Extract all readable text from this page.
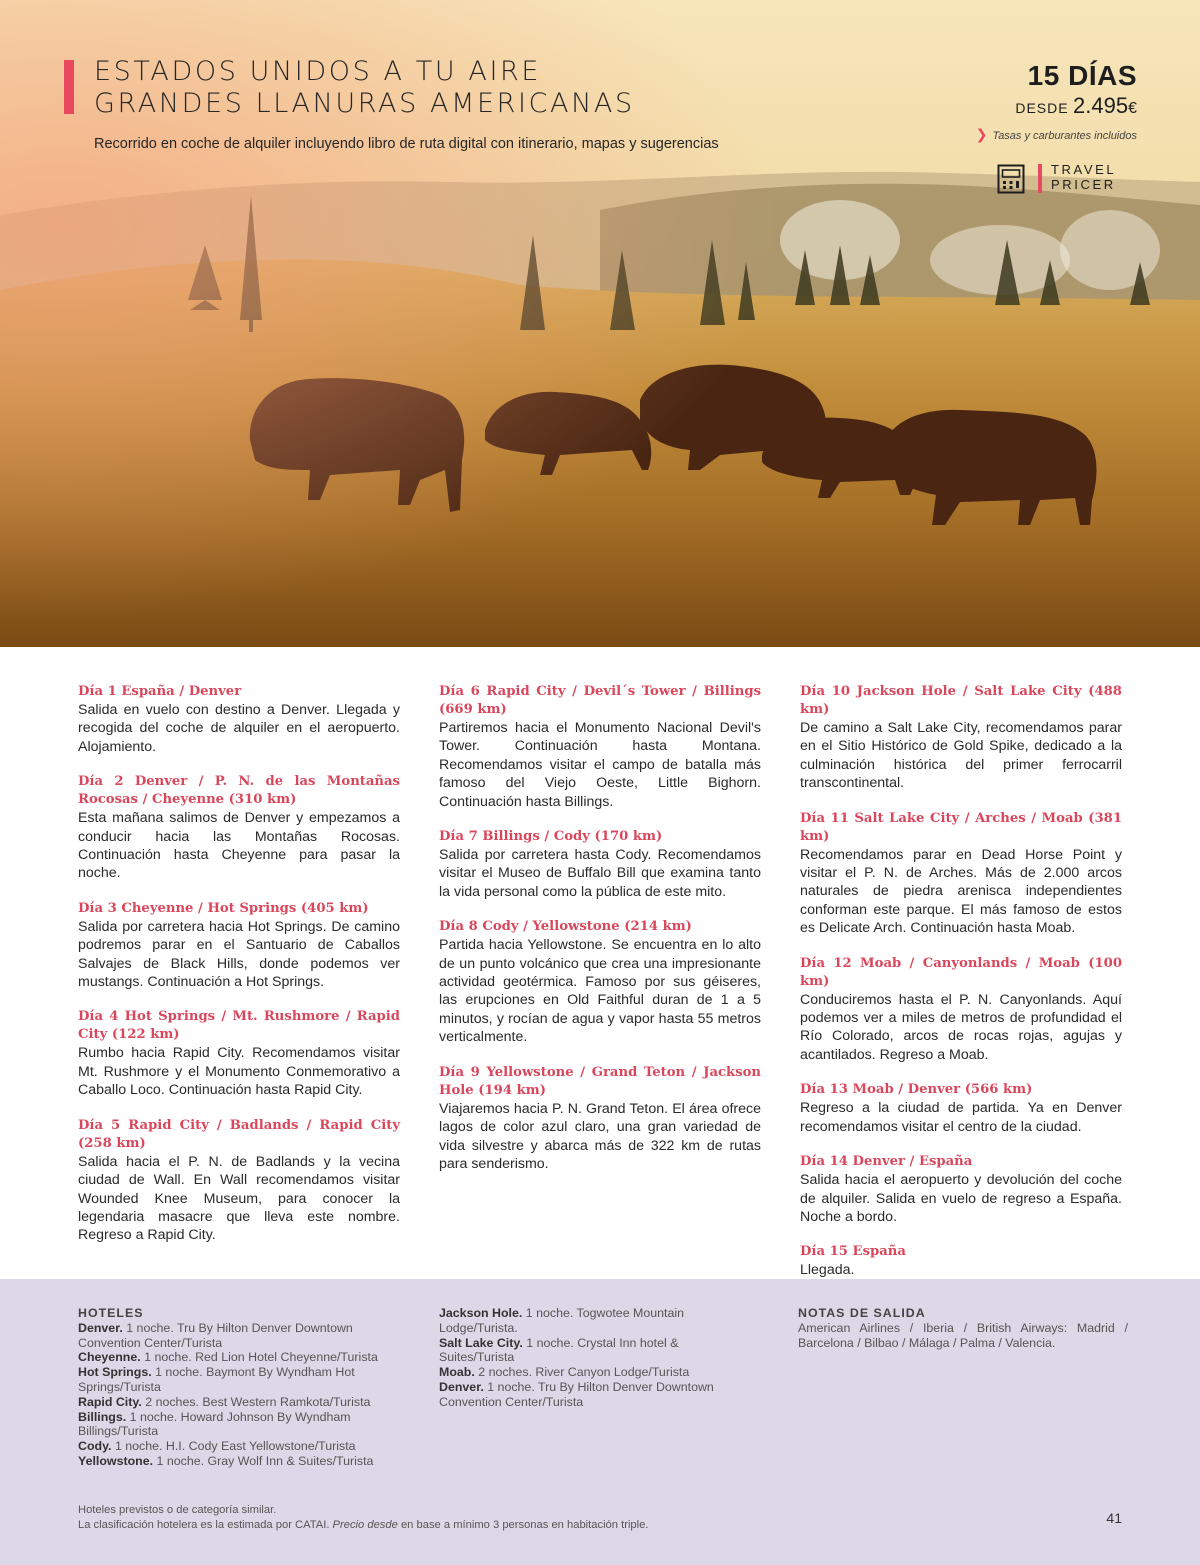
ESTADOS UNIDOS A TU AIRE
GRANDES LLANURAS AMERICANAS
Recorrido en coche de alquiler incluyendo libro de ruta digital con itinerario, mapas y sugerencias
15 DÍAS
DESDE 2.495€
❯ Tasas y carburantes incluidos
TRAVEL
PRICER
Día 1 España / Denver
Salida en vuelo con destino a Denver. Llegada y recogida del coche de alquiler en el aeropuerto. Alojamiento.
Día 2 Denver / P. N. de las Montañas Rocosas / Cheyenne (310 km)
Esta mañana salimos de Denver y empezamos a conducir hacia las Montañas Rocosas. Continuación hasta Cheyenne para pasar la noche.
Día 3 Cheyenne / Hot Springs (405 km)
Salida por carretera hacia Hot Springs. De camino podremos parar en el Santuario de Caballos Salvajes de Black Hills, donde podemos ver mustangs. Continuación a Hot Springs.
Día 4 Hot Springs / Mt. Rushmore / Rapid City (122 km)
Rumbo hacia Rapid City. Recomendamos visitar Mt. Rushmore y el Monumento Conmemorativo a Caballo Loco. Continuación hasta Rapid City.
Día 5 Rapid City / Badlands / Rapid City (258 km)
Salida hacia el P. N. de Badlands y la vecina ciudad de Wall. En Wall recomendamos visitar Wounded Knee Museum, para conocer la legendaria masacre que lleva este nombre. Regreso a Rapid City.
Día 6 Rapid City / Devil´s Tower / Billings (669 km)
Partiremos hacia el Monumento Nacional Devil's Tower. Continuación hasta Montana. Recomendamos visitar el campo de batalla más famoso del Viejo Oeste, Little Bighorn. Continuación hasta Billings.
Día 7 Billings / Cody (170 km)
Salida por carretera hasta Cody. Recomendamos visitar el Museo de Buffalo Bill que examina tanto la vida personal como la pública de este mito.
Día 8 Cody / Yellowstone (214 km)
Partida hacia Yellowstone. Se encuentra en lo alto de un punto volcánico que crea una impresionante actividad geotérmica. Famoso por sus géiseres, las erupciones en Old Faithful duran de 1 a 5 minutos, y rocían de agua y vapor hasta 55 metros verticalmente.
Día 9 Yellowstone / Grand Teton / Jackson Hole (194 km)
Viajaremos hacia P. N. Grand Teton. El área ofrece lagos de color azul claro, una gran variedad de vida silvestre y abarca más de 322 km de rutas para senderismo.
Día 10 Jackson Hole / Salt Lake City (488 km)
De camino a Salt Lake City, recomendamos parar en el Sitio Histórico de Gold Spike, dedicado a la culminación histórica del primer ferrocarril transcontinental.
Día 11 Salt Lake City / Arches / Moab (381 km)
Recomendamos parar en Dead Horse Point y visitar el P. N. de Arches. Más de 2.000 arcos naturales de piedra arenisca independientes conforman este parque. El más famoso de estos es Delicate Arch. Continuación hasta Moab.
Día 12 Moab / Canyonlands / Moab (100 km)
Conduciremos hasta el P. N. Canyonlands. Aquí podemos ver a miles de metros de profundidad el Río Colorado, arcos de rocas rojas, agujas y acantilados. Regreso a Moab.
Día 13 Moab / Denver (566 km)
Regreso a la ciudad de partida. Ya en Denver recomendamos visitar el centro de la ciudad.
Día 14 Denver / España
Salida hacia el aeropuerto y devolución del coche de alquiler. Salida en vuelo de regreso a España. Noche a bordo.
Día 15 España
Llegada.
HOTELES
Denver. 1 noche. Tru By Hilton Denver Downtown Convention Center/Turista
Cheyenne. 1 noche. Red Lion Hotel Cheyenne/Turista
Hot Springs. 1 noche. Baymont By Wyndham Hot Springs/Turista
Rapid City. 2 noches. Best Western Ramkota/Turista
Billings. 1 noche. Howard Johnson By Wyndham Billings/Turista
Cody. 1 noche. H.I. Cody East Yellowstone/Turista
Yellowstone. 1 noche. Gray Wolf Inn & Suites/Turista
Jackson Hole. 1 noche. Togwotee Mountain Lodge/Turista.
Salt Lake City. 1 noche. Crystal Inn hotel & Suites/Turista
Moab. 2 noches. River Canyon Lodge/Turista
Denver. 1 noche. Tru By Hilton Denver Downtown Convention Center/Turista
NOTAS DE SALIDA
American Airlines / Iberia / British Airways: Madrid / Barcelona / Bilbao / Málaga / Palma / Valencia.
Hoteles previstos o de categoría similar.
La clasificación hotelera es la estimada por CATAI. Precio desde en base a mínimo 3 personas en habitación triple.	41
